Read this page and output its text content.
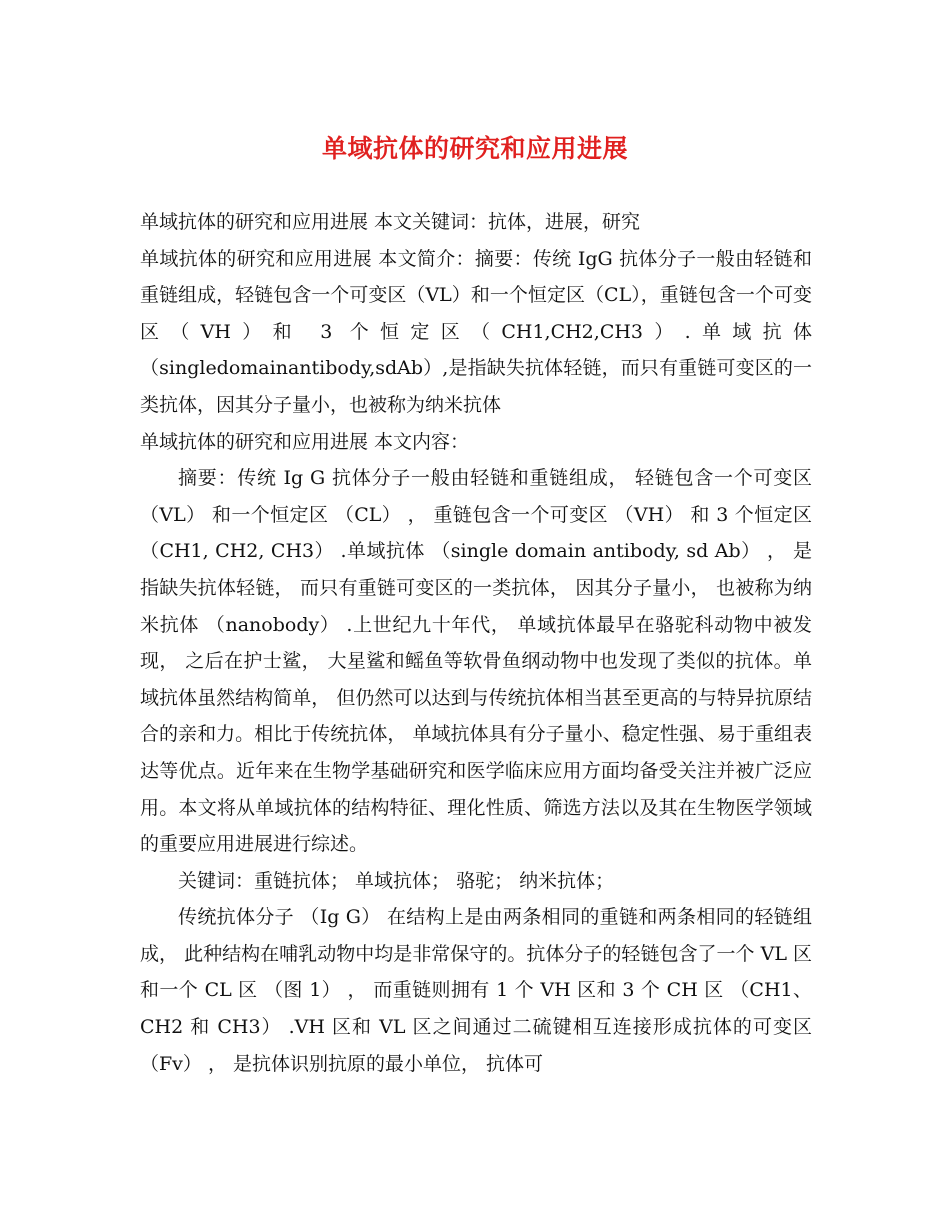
单域抗体的研究和应用进展

单域抗体的研究和应用进展 本文关键词：抗体，进展，研究

单域抗体的研究和应用进展 本文简介：摘要：传统 IgG 抗体分子一般由轻链和重链组成，轻链包含一个可变区（VL）和一个恒定区（CL），重链包含一个可变区（VH）和 3 个恒定区（CH1,CH2,CH3）.单域抗体（singledomainantibody,sdAb）,是指缺失抗体轻链，而只有重链可变区的一类抗体，因其分子量小，也被称为纳米抗体

单域抗体的研究和应用进展 本文内容：

摘要：传统 Ig G 抗体分子一般由轻链和重链组成， 轻链包含一个可变区 （VL） 和一个恒定区 （CL） ， 重链包含一个可变区 （VH） 和 3 个恒定区 （CH1, CH2, CH3） .单域抗体 （single domain antibody, sd Ab） ， 是指缺失抗体轻链， 而只有重链可变区的一类抗体， 因其分子量小， 也被称为纳米抗体 （nanobody） .上世纪九十年代， 单域抗体最早在骆驼科动物中被发现， 之后在护士鲨， 大星鲨和鳐鱼等软骨鱼纲动物中也发现了类似的抗体。单域抗体虽然结构简单， 但仍然可以达到与传统抗体相当甚至更高的与特异抗原结合的亲和力。相比于传统抗体， 单域抗体具有分子量小、稳定性强、易于重组表达等优点。近年来在生物学基础研究和医学临床应用方面均备受关注并被广泛应用。本文将从单域抗体的结构特征、理化性质、筛选方法以及其在生物医学领域的重要应用进展进行综述。

关键词：重链抗体； 单域抗体； 骆驼； 纳米抗体；

传统抗体分子 （Ig G） 在结构上是由两条相同的重链和两条相同的轻链组成， 此种结构在哺乳动物中均是非常保守的。抗体分子的轻链包含了一个 VL 区和一个 CL 区 （图 1） ， 而重链则拥有 1 个 VH 区和 3 个 CH 区 （CH1、CH2 和 CH3） .VH 区和 VL 区之间通过二硫键相互连接形成抗体的可变区 （Fv） ， 是抗体识别抗原的最小单位， 抗体可
